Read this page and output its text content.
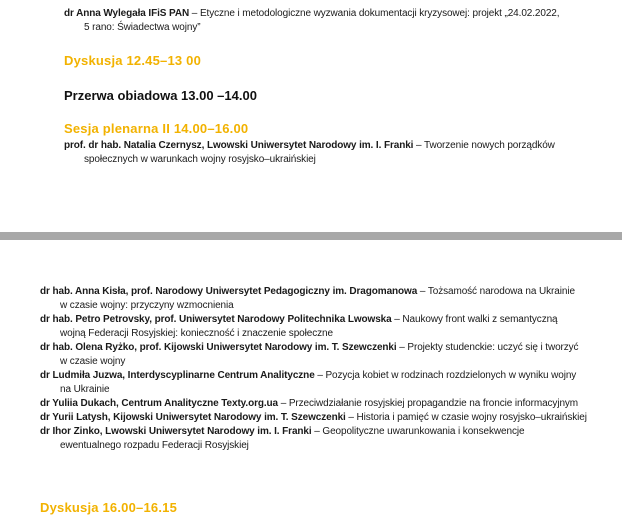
dr Anna Wylegała IFiS PAN – Etyczne i metodologiczne wyzwania dokumentacji kryzysowej: projekt „24.02.2022,
5 rano: Świadectwa wojny”
Dyskusja 12.45–13 00
Przerwa obiadowa 13.00 –14.00
Sesja plenarna II 14.00–16.00
prof. dr hab. Natalia Czernysz, Lwowski Uniwersytet Narodowy im. I. Franki – Tworzenie nowych porządków
społecznych w warunkach wojny rosyjsko–ukraińskiej
dr hab. Anna Kisła, prof. Narodowy Uniwersytet Pedagogiczny im. Dragomanowa – Tożsamość narodowa na Ukrainie
w czasie wojny: przyczyny wzmocnienia
dr hab. Petro Petrovsky, prof. Uniwersytet Narodowy Politechnika Lwowska – Naukowy front walki z semantyczną
wojną Federacji Rosyjskiej: konieczność i znaczenie społeczne
dr hab. Olena Ryżko, prof. Kijowski Uniwersytet Narodowy im. T. Szewczenki – Projekty studenckie: uczyć się i tworzyć
w czasie wojny
dr Ludmiła Juzwa, Interdyscyplinarne Centrum Analityczne – Pozycja kobiet w rodzinach rozdzielonych w wyniku wojny
na Ukrainie
dr Yuliia Dukach, Centrum Analityczne Texty.org.ua – Przeciwdziałanie rosyjskiej propagandzie na froncie informacyjnym
dr Yurii Latysh, Kijowski Uniwersytet Narodowy im. T. Szewczenki – Historia i pamięć w czasie wojny rosyjsko–ukraińskiej
dr Ihor Zinko, Lwowski Uniwersytet Narodowy im. I. Franki – Geopolityczne uwarunkowania i konsekwencje
ewentualnego rozpadu Federacji Rosyjskiej
Dyskusja 16.00–16.15
